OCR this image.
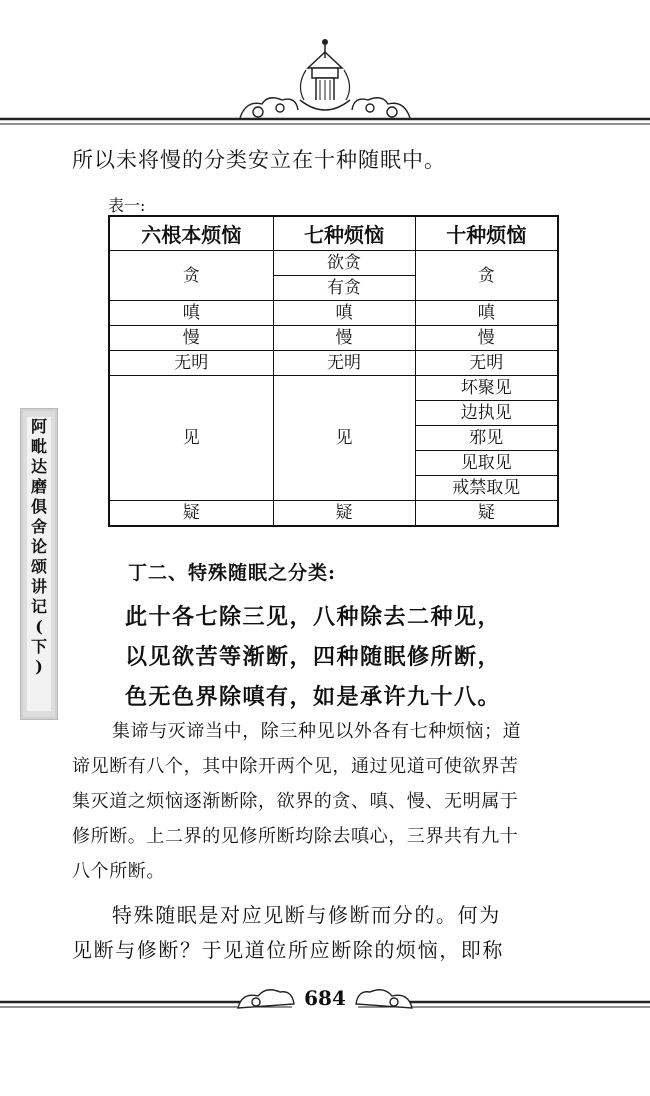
阿
毗
达
磨
俱
舍
论
颂
讲
记
(
下
)
所以未将慢的分类安立在十种随眠中。
表一:
六根本烦恼	七种烦恼	十种烦恼
贪	欲贪	贪
	有贪	
嗔	嗔	嗔
慢	慢	慢
无明	无明	无明
见	见	坏聚见
		边执见
		邪见
		见取见
		戒禁取见
疑	疑	疑
丁二、特殊随眠之分类:
此十各七除三见，八种除去二种见，
以见欲苦等渐断，四种随眠修所断，
色无色界除嗔有，如是承许九十八。
集谛与灭谛当中，除三种见以外各有七种烦恼；道
谛见断有八个，其中除开两个见，通过见道可使欲界苦
集灭道之烦恼逐渐断除，欲界的贪、嗔、慢、无明属于
修所断。上二界的见修所断均除去嗔心，三界共有九十
八个所断。
特殊随眠是对应见断与修断而分的。何为
见断与修断？于见道位所应断除的烦恼，即称
684
